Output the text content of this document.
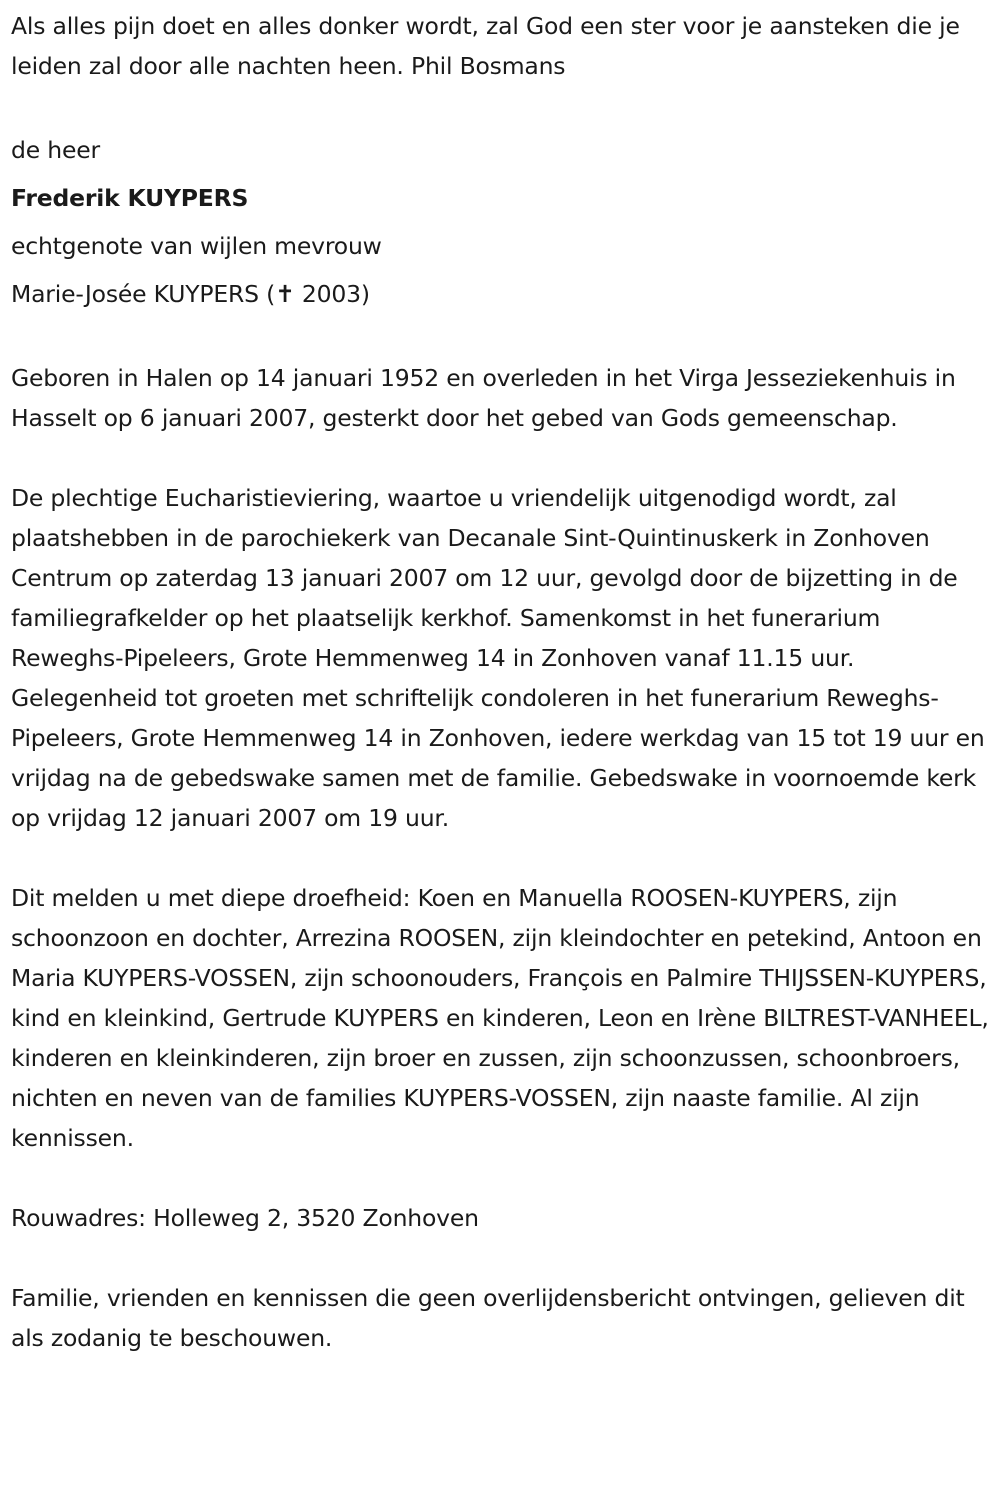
Als alles pijn doet en alles donker wordt, zal God een ster voor je aansteken die je leiden zal door alle nachten heen. Phil Bosmans

de heer

Frederik KUYPERS

echtgenote van wijlen mevrouw

Marie-Josée KUYPERS (✝ 2003)

Geboren in Halen op 14 januari 1952 en overleden in het Virga Jesseziekenhuis in Hasselt op 6 januari 2007, gesterkt door het gebed van Gods gemeenschap.

De plechtige Eucharistieviering, waartoe u vriendelijk uitgenodigd wordt, zal plaatshebben in de parochiekerk van Decanale Sint-Quintinuskerk in Zonhoven Centrum op zaterdag 13 januari 2007 om 12 uur, gevolgd door de bijzetting in de familiegrafkelder op het plaatselijk kerkhof. Samenkomst in het funerarium Reweghs-Pipeleers, Grote Hemmenweg 14 in Zonhoven vanaf 11.15 uur. Gelegenheid tot groeten met schriftelijk condoleren in het funerarium Reweghs-Pipeleers, Grote Hemmenweg 14 in Zonhoven, iedere werkdag van 15 tot 19 uur en vrijdag na de gebedswake samen met de familie. Gebedswake in voornoemde kerk op vrijdag 12 januari 2007 om 19 uur.

Dit melden u met diepe droefheid: Koen en Manuella ROOSEN-KUYPERS, zijn schoonzoon en dochter, Arrezina ROOSEN, zijn kleindochter en petekind, Antoon en Maria KUYPERS-VOSSEN, zijn schoonouders, François en Palmire THIJSSEN-KUYPERS, kind en kleinkind, Gertrude KUYPERS en kinderen, Leon en Irène BILTREST-VANHEEL, kinderen en kleinkinderen, zijn broer en zussen, zijn schoonzussen, schoonbroers, nichten en neven van de families KUYPERS-VOSSEN, zijn naaste familie. Al zijn kennissen.

Rouwadres: Holleweg 2, 3520 Zonhoven

Familie, vrienden en kennissen die geen overlijdensbericht ontvingen, gelieven dit als zodanig te beschouwen.
